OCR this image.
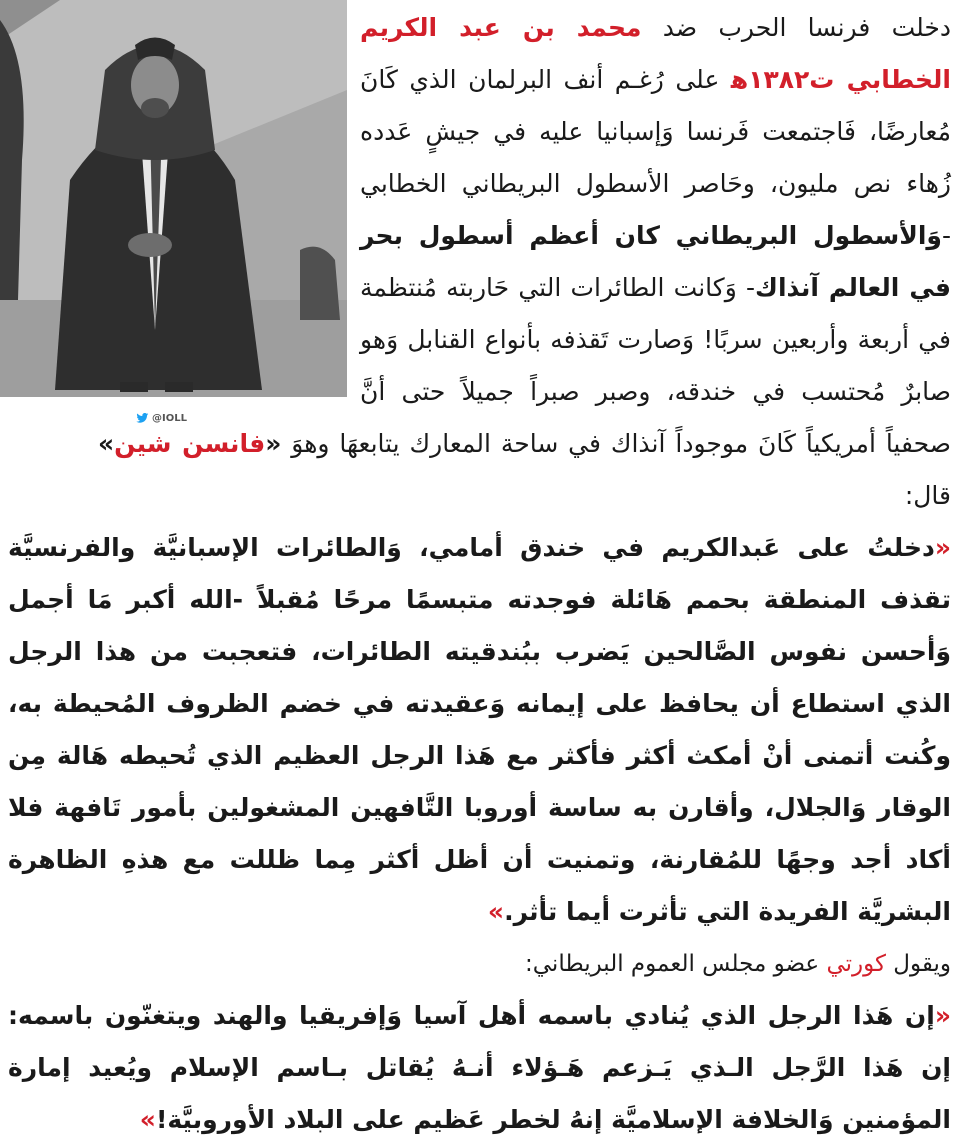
@IOLL

دخلت فرنسا الحرب ضد محمد بن عبد الكريم الخطابي ت١٣٨٢ه‍ على رُغـم أنف البرلمان الذي كَانَ مُعارضًا، فَاجتمعت فَرنسا وَإسبانيا عليه في جيشٍ عَدده زُهاء نص مليون، وحَاصر الأسطول البريطاني الخطابي -وَالأسطول البريطاني كان أعظم أسطول بحر في العالم آنذاك- وَكانت الطائرات التي حَاربته مُنتظمة في أربعة وأربعين سربًا! وَصارت تَقذفه بأنواع القنابل وَهو صابرٌ مُحتسب في خندقه، وصبر صبراً جميلاً حتى أنَّ صحفياً أمريكياً كَانَ موجوداً آنذاك في ساحة المعارك يتابعهَا وهوَ «فانسن شين» قال:

«دخلتُ على عَبدالكريم في خندق أمامي، وَالطائرات الإسبانيَّة والفرنسيَّة تقذف المنطقة بحمم هَائلة فوجدته متبسمًا مرحًا مُقبلاً -الله أكبر مَا أجمل وَأحسن نفوس الصَّالحين يَضرب ببُندقيته الطائرات، فتعجبت من هذا الرجل الذي استطاع أن يحافظ على إيمانه وَعقيدته في خضم الظروف المُحيطة به، وكُنت أتمنى أنْ أمكث أكثر فأكثر مع هَذا الرجل العظيم الذي تُحيطه هَالة مِن الوقار وَالجلال، وأقارن به ساسة أوروبا التَّافهين المشغولين بأمور تَافهة فلا أكاد أجد وجهًا للمُقارنة، وتمنيت أن أظل أكثر مِما ظللت مع هذهِ الظاهرة البشريَّة الفريدة التي تأثرت أيما تأثر.»

ويقول كورتي عضو مجلس العموم البريطاني:

«إن هَذا الرجل الذي يُنادي باسمه أهل آسيا وَإفريقيا والهند ويتغنّون باسمه: إن هَذا الرَّجل الـذي يَـزعم هَـؤلاء أنـهُ يُقاتل بـاسم الإسلام ويُعيد إمارة المؤمنين وَالخلافة الإسلاميَّة إنهُ لخطر عَظيم على البلاد الأوروبيَّة!»
